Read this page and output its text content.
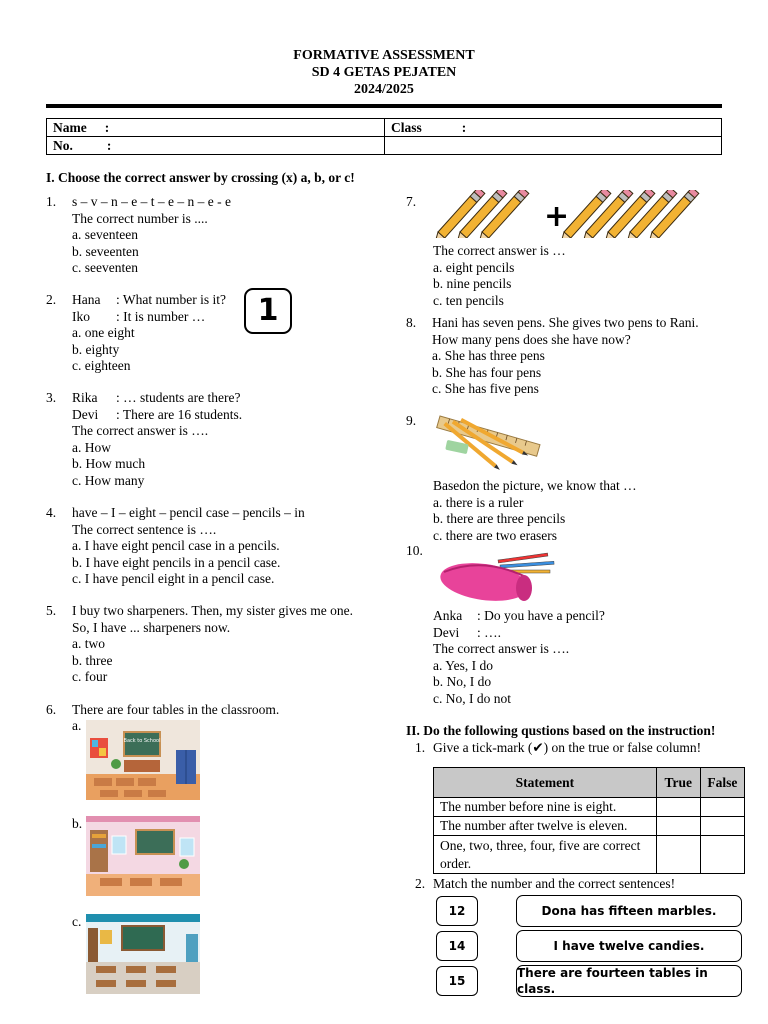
FORMATIVE ASSESSMENT
SD 4 GETAS PEJATEN
2024/2025
Name :	Class :
No. :	
I. Choose the correct answer by crossing (x) a, b, or c!
1. s – v – n – e – t – e – n – e - e
The correct number is ....
a. seventeen
b. seveenten
c. seeventen
2. Hana : What number is it?
Iko : It is number …
a. one eight
b. eighty
c. eighteen
1
3. Rika : … students are there?
Devi : There are 16 students.
The correct answer is ….
a. How
b. How much
c. How many
4. have – I – eight – pencil case – pencils – in
The correct sentence is ….
a. I have eight pencil case in a pencils.
b. I have eight pencils in a pencil case.
c. I have pencil eight in a pencil case.
5. I buy two sharpeners. Then, my sister gives me one.
So, I have ... sharpeners now.
a. two
b. three
c. four
6. There are four tables in the classroom.
a.
b.
c.
Back to School
7.	+
The correct answer is …
a. eight pencils
b. nine pencils
c. ten pencils
8. Hani has seven pens. She gives two pens to Rani.
How many pens does she have now?
a. She has three pens
b. She has four pens
c. She has five pens
9.
Basedon the picture, we know that …
a. there is a ruler
b. there are three pencils
c. there are two erasers
10.
Anka : Do you have a pencil?
Devi : ….
The correct answer is ….
a. Yes, I do
b. No, I do
c. No, I do not
II. Do the following qustions based on the instruction!
1. Give a tick-mark (✔) on the true or false column!
Statement	True	False
The number before nine is eight.		
The number after twelve is eleven.		
One, two, three, four, five are correct order.		
2. Match the number and the correct sentences!
12
14
15
Dona has fifteen marbles.
I have twelve candies.
There are fourteen tables in class.
